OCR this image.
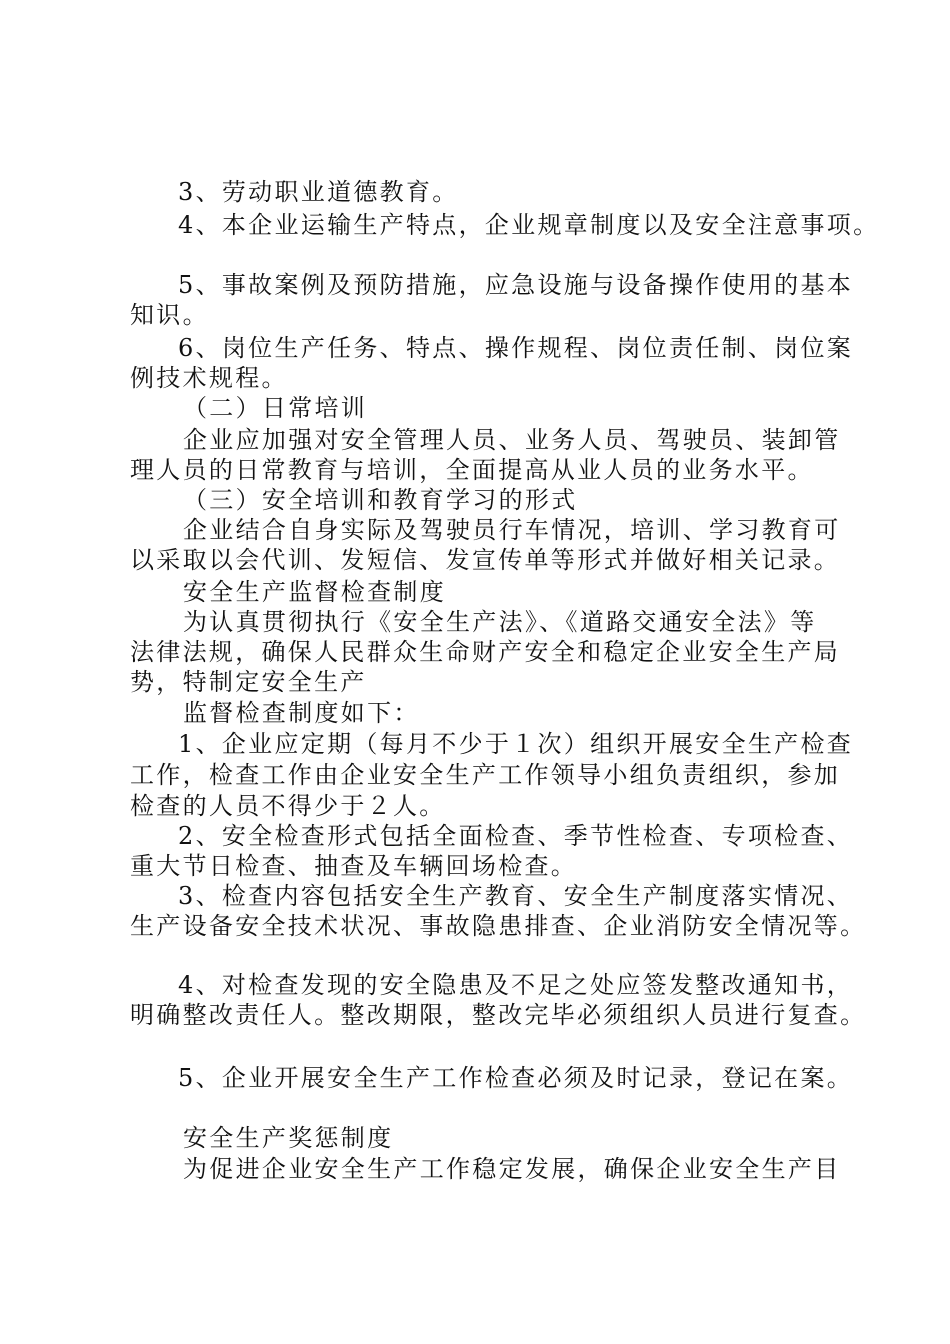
3、劳动职业道德教育。
4、本企业运输生产特点，企业规章制度以及安全注意事项。
5、事故案例及预防措施，应急设施与设备操作使用的基本
知识。
6、岗位生产任务、特点、操作规程、岗位责任制、岗位案
例技术规程。
（二）日常培训
企业应加强对安全管理人员、业务人员、驾驶员、装卸管
理人员的日常教育与培训，全面提高从业人员的业务水平。
（三）安全培训和教育学习的形式
企业结合自身实际及驾驶员行车情况，培训、学习教育可
以采取以会代训、发短信、发宣传单等形式并做好相关记录。
安全生产监督检查制度
为认真贯彻执行《安全生产法》、《道路交通安全法》等
法律法规，确保人民群众生命财产安全和稳定企业安全生产局
势，特制定安全生产
监督检查制度如下：
1、企业应定期（每月不少于１次）组织开展安全生产检查
工作，检查工作由企业安全生产工作领导小组负责组织，参加
检查的人员不得少于２人。
2、安全检查形式包括全面检查、季节性检查、专项检查、
重大节日检查、抽查及车辆回场检查。
3、检查内容包括安全生产教育、安全生产制度落实情况、
生产设备安全技术状况、事故隐患排查、企业消防安全情况等。
4、对检查发现的安全隐患及不足之处应签发整改通知书，
明确整改责任人。整改期限，整改完毕必须组织人员进行复查。
5、企业开展安全生产工作检查必须及时记录，登记在案。
安全生产奖惩制度
为促进企业安全生产工作稳定发展，确保企业安全生产目
